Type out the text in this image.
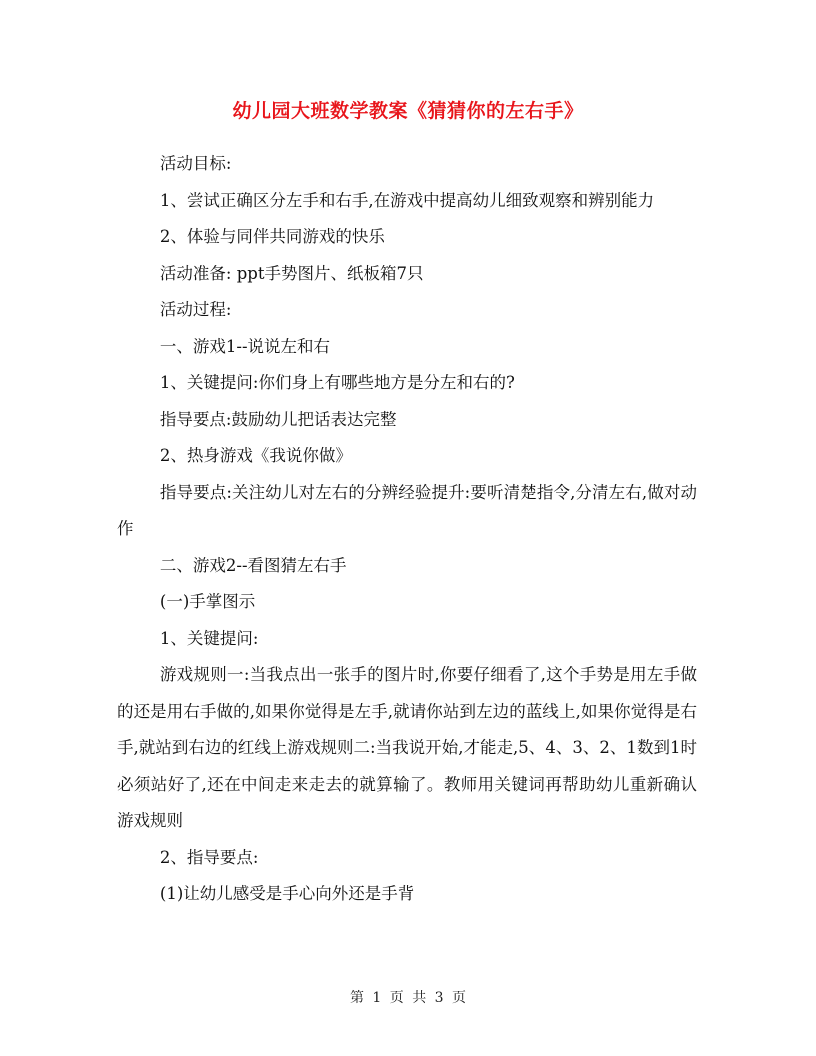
幼儿园大班数学教案《猜猜你的左右手》

活动目标:

1、尝试正确区分左手和右手,在游戏中提高幼儿细致观察和辨别能力

2、体验与同伴共同游戏的快乐

活动准备: ppt手势图片、纸板箱7只

活动过程:

一、游戏1--说说左和右

1、关键提问:你们身上有哪些地方是分左和右的?

指导要点:鼓励幼儿把话表达完整

2、热身游戏《我说你做》

指导要点:关注幼儿对左右的分辨经验提升:要听清楚指令,分清左右,做对动作

二、游戏2--看图猜左右手

(一)手掌图示

1、关键提问:

游戏规则一:当我点出一张手的图片时,你要仔细看了,这个手势是用左手做的还是用右手做的,如果你觉得是左手,就请你站到左边的蓝线上,如果你觉得是右手,就站到右边的红线上游戏规则二:当我说开始,才能走,5、4、3、2、1数到1时必须站好了,还在中间走来走去的就算输了。教师用关键词再帮助幼儿重新确认游戏规则

2、指导要点:

(1)让幼儿感受是手心向外还是手背

第 1 页 共 3 页
